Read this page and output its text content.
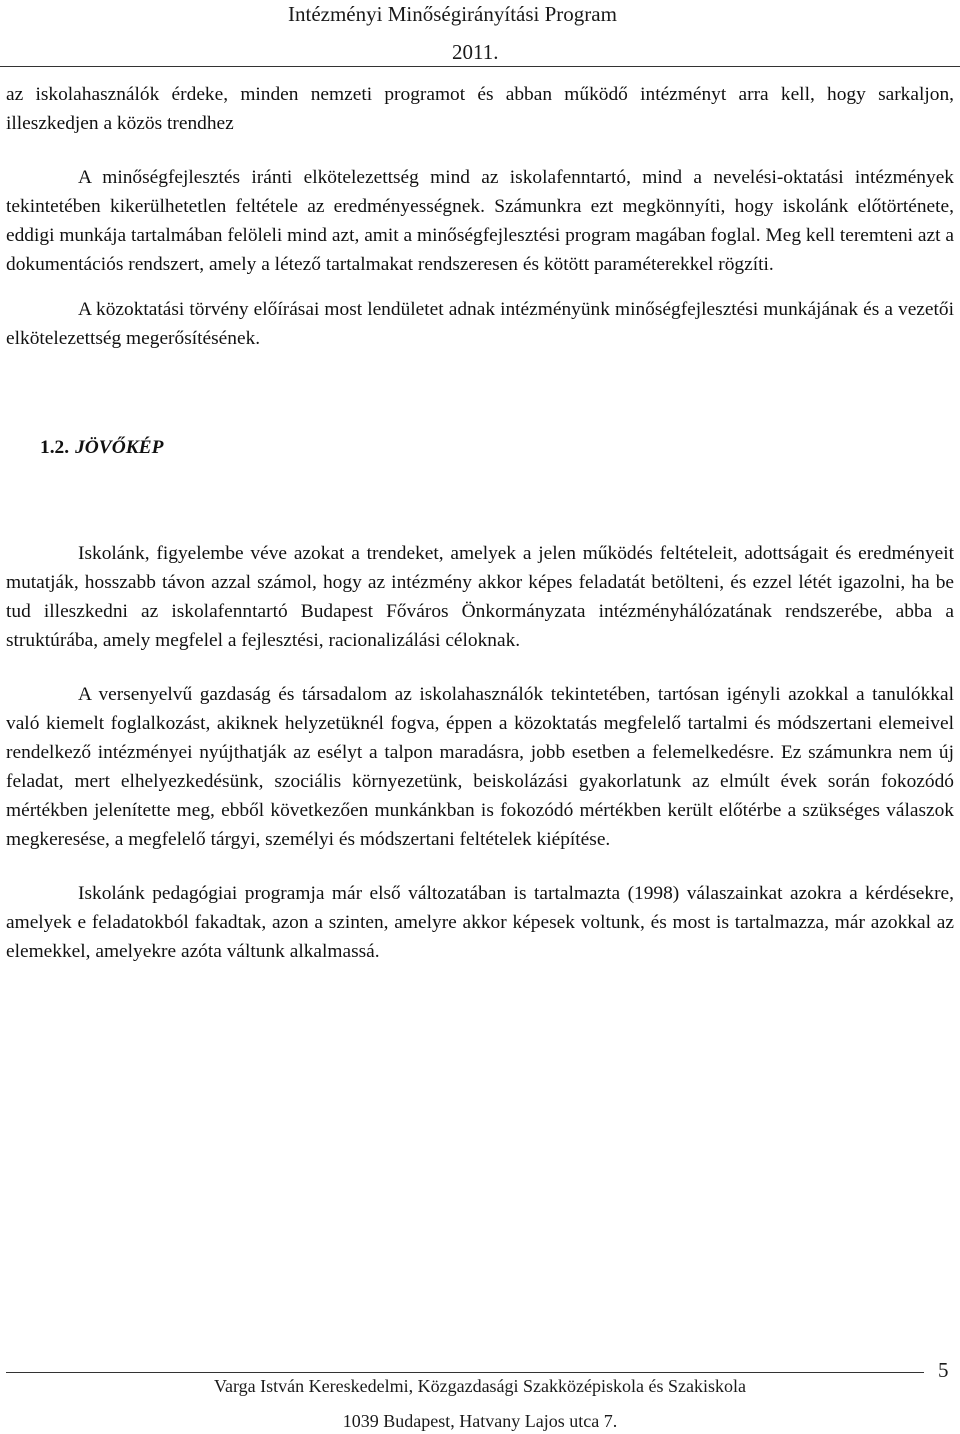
Intézményi Minőségirányítási Program
2011.

az iskolahasználók érdeke, minden nemzeti programot és abban működő intézményt arra kell, hogy sarkaljon, illeszkedjen a közös trendhez

A minőségfejlesztés iránti elkötelezettség mind az iskolafenntartó, mind a nevelési-oktatási intézmények tekintetében kikerülhetetlen feltétele az eredményességnek. Számunkra ezt megkönnyíti, hogy iskolánk előtörténete, eddigi munkája tartalmában felöleli mind azt, amit a minőségfejlesztési program magában foglal. Meg kell teremteni azt a dokumentációs rendszert, amely a létező tartalmakat rendszeresen és kötött paraméterekkel rögzíti.

A közoktatási törvény előírásai most lendületet adnak intézményünk minőségfejlesztési munkájának és a vezetői elkötelezettség megerősítésének.

1.2. JÖVŐKÉP

Iskolánk, figyelembe véve azokat a trendeket, amelyek a jelen működés feltételeit, adottságait és eredményeit mutatják, hosszabb távon azzal számol, hogy az intézmény akkor képes feladatát betölteni, és ezzel létét igazolni, ha be tud illeszkedni az iskolafenntartó Budapest Főváros Önkormányzata intézményhálózatának rendszerébe, abba a struktúrába, amely megfelel a fejlesztési, racionalizálási céloknak.

A versenyelvű gazdaság és társadalom az iskolahasználók tekintetében, tartósan igényli azokkal a tanulókkal való kiemelt foglalkozást, akiknek helyzetüknél fogva, éppen a közoktatás megfelelő tartalmi és módszertani elemeivel rendelkező intézményei nyújthatják az esélyt a talpon maradásra, jobb esetben a felemelkedésre. Ez számunkra nem új feladat, mert elhelyezkedésünk, szociális környezetünk, beiskolázási gyakorlatunk az elmúlt évek során fokozódó mértékben jelenítette meg, ebből következően munkánkban is fokozódó mértékben került előtérbe a szükséges válaszok megkeresése, a megfelelő tárgyi, személyi és módszertani feltételek kiépítése.

Iskolánk pedagógiai programja már első változatában is tartalmazta (1998) válaszainkat azokra a kérdésekre, amelyek e feladatokból fakadtak, azon a szinten, amelyre akkor képesek voltunk, és most is tartalmazza, már azokkal az elemekkel, amelyekre azóta váltunk alkalmassá.

Varga István Kereskedelmi, Közgazdasági Szakközépiskola és Szakiskola
1039 Budapest, Hatvany Lajos utca 7.
5
